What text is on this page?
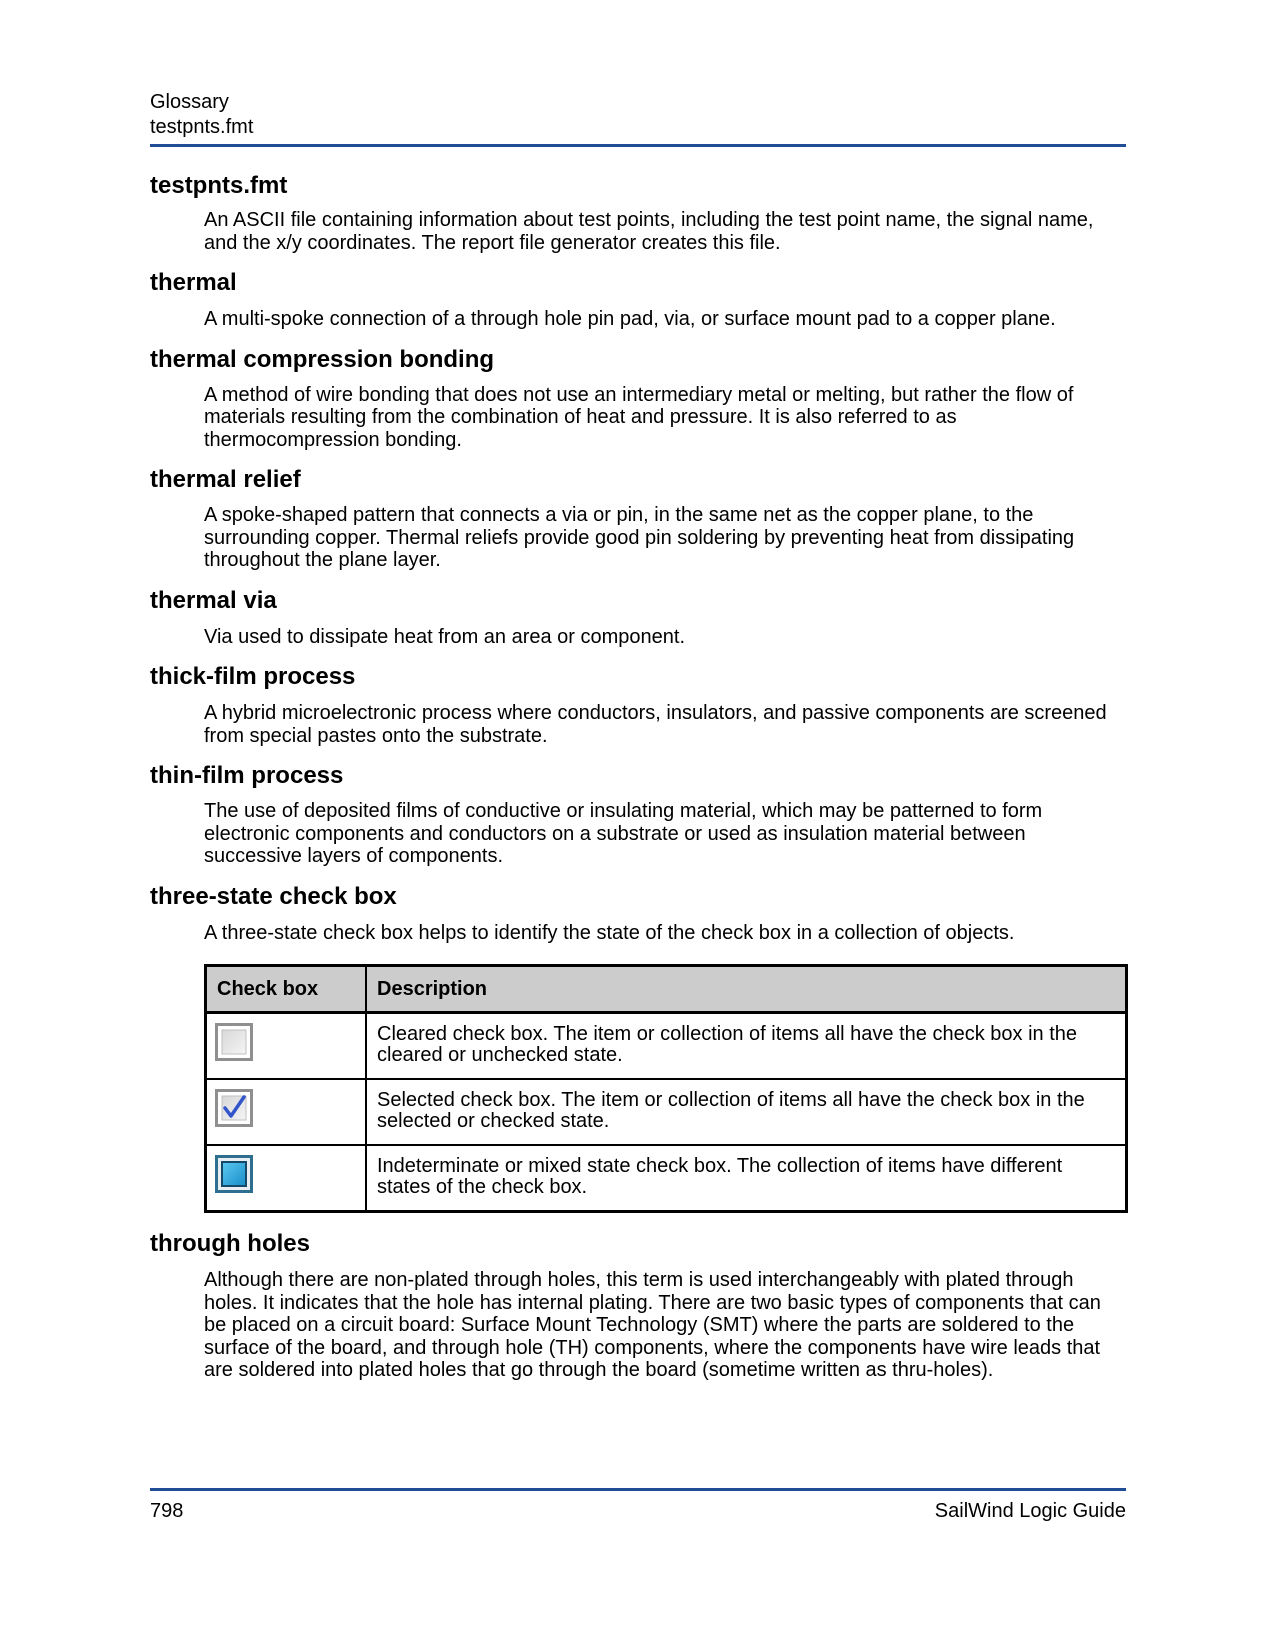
Glossary
testpnts.fmt
testpnts.fmt

An ASCII file containing information about test points, including the test point name, the signal name, and the x/y coordinates. The report file generator creates this file.

thermal

A multi-spoke connection of a through hole pin pad, via, or surface mount pad to a copper plane.

thermal compression bonding

A method of wire bonding that does not use an intermediary metal or melting, but rather the flow of materials resulting from the combination of heat and pressure. It is also referred to as thermocompression bonding.

thermal relief

A spoke-shaped pattern that connects a via or pin, in the same net as the copper plane, to the surrounding copper. Thermal reliefs provide good pin soldering by preventing heat from dissipating throughout the plane layer.

thermal via

Via used to dissipate heat from an area or component.

thick-film process

A hybrid microelectronic process where conductors, insulators, and passive components are screened from special pastes onto the substrate.

thin-film process

The use of deposited films of conductive or insulating material, which may be patterned to form electronic components and conductors on a substrate or used as insulation material between successive layers of components.

three-state check box

A three-state check box helps to identify the state of the check box in a collection of objects.

Check box	Description

	Cleared check box. The item or collection of items all have the check box in the cleared or unchecked state.

	Selected check box. The item or collection of items all have the check box in the selected or checked state.

	Indeterminate or mixed state check box. The collection of items have different states of the check box.
through holes

Although there are non-plated through holes, this term is used interchangeably with plated through holes. It indicates that the hole has internal plating. There are two basic types of components that can be placed on a circuit board: Surface Mount Technology (SMT) where the parts are soldered to the surface of the board, and through hole (TH) components, where the components have wire leads that are soldered into plated holes that go through the board (sometime written as thru-holes).

798	SailWind Logic Guide
